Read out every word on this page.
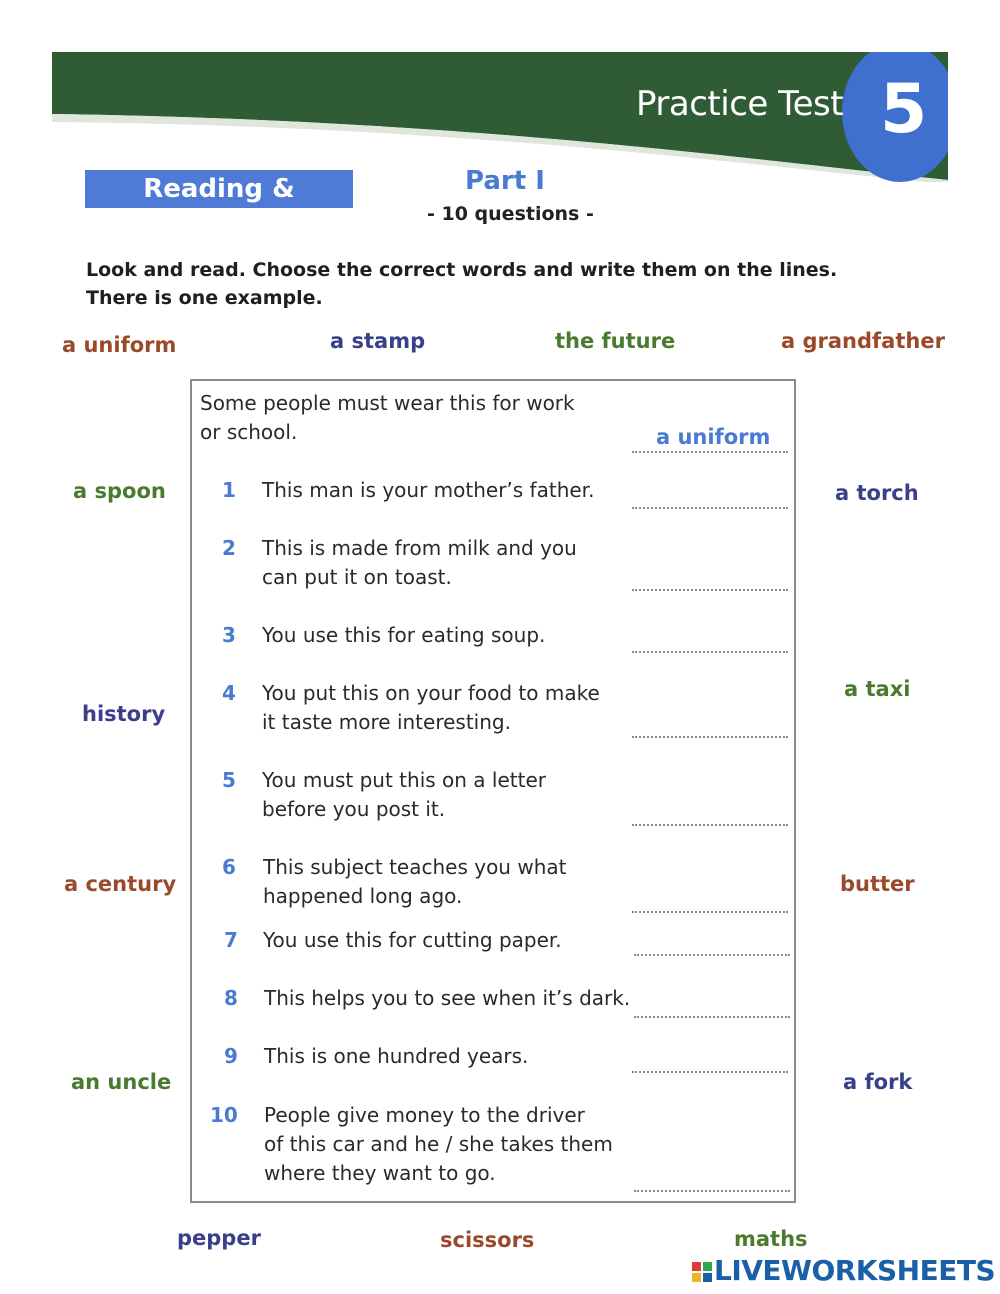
Practice Test 5
Reading & Writing
Part I
- 10 questions -
Look and read. Choose the correct words and write them on the lines.
There is one example.
a uniform	a stamp	the future	a grandfather
a spoon
history
a century
an uncle
a torch
a taxi
butter
a fork
pepper	scissors	maths
Some people must wear this for work
or school.	a uniform
1 This man is your mother’s father.
2 This is made from milk and you
can put it on toast.
3 You use this for eating soup.
4 You put this on your food to make
it taste more interesting.
5 You must put this on a letter
before you post it.
6 This subject teaches you what
happened long ago.
7 You use this for cutting paper.
8 This helps you to see when it’s dark.
9 This is one hundred years.
10 People give money to the driver
of this car and he / she takes them
where they want to go.
LIVEWORKSHEETS
